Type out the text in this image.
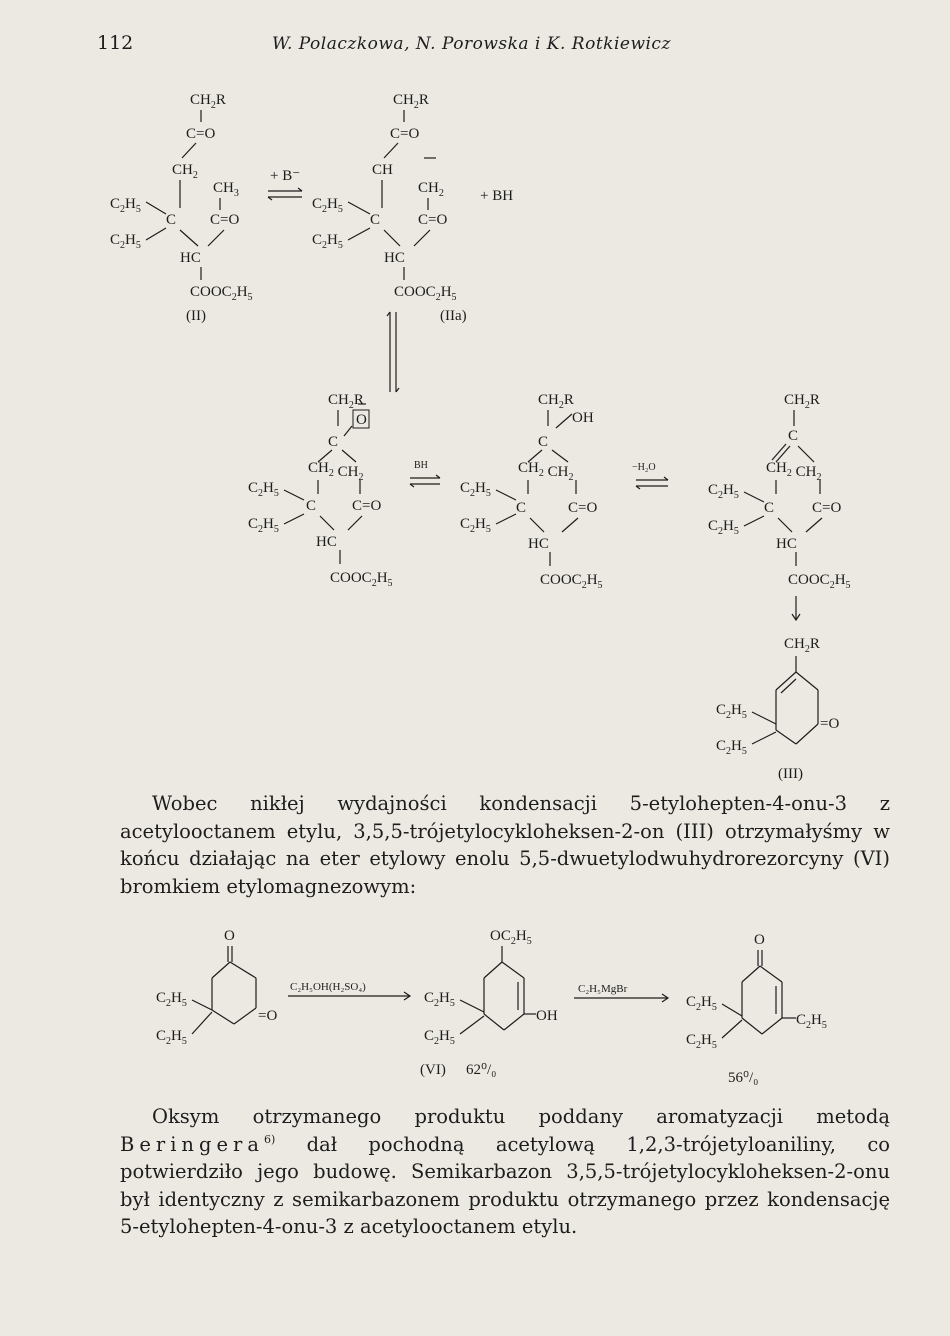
112	W. Polaczkowa, N. Porowska i K. Rotkiewicz
$CH_2R$
C=O
$CH_2$
$CH_3$
$C_2H_5$
C C=O
$C_2H_5$
HC
$COOC_2H_5$
(II)
+ B⁻
$CH_2R$
C=O
CH
$CH_2$
$C_2H_5$
C	C=O
$C_2H_5$
HC
$COOC_2H_5$
(IIa)
+ BH
$CH_2R$
O
C
$CH_2$ $CH_2$
$C_2H_5$
C C=O
$C_2H_5$
HC
$COOC_2H_5$
BH
$CH_2R$
OH
C
$CH_2$ $CH_2$
$C_2H_5$
C	C=O
$C_2H_5$
HC
$COOC_2H_5$
−H₂O
$CH_2R$
C
$CH_2$ $CH_2$
$C_2H_5$
C	C=O
$C_2H_5$
HC
$COOC_2H_5$
$CH_2R$
=O
$C_2H_5$
$C_2H_5$
(III)

Wobec nikłej wydajności kondensacji 5-etylohepten-4-onu-3 z acetylooctanem etylu, 3,5,5-trójetylocykloheksen-2-on (III) otrzymałyśmy w końcu działając na eter etylowy enolu 5,5-dwuetylodwuhydrorezorcyny (VI) bromkiem etylomagnezowym:

O
=O
$C_2H_5$
$C_2H_5$
C₂H₅OH(H₂SO₄)
$OC_2H_5$
OH
$C_2H_5$
$C_2H_5$
(VI) 62⁰/₀
C₂H₅MgBr
O
$C_2H_5$
$C_2H_5$
$C_2H_5$
56⁰/₀

Oksym otrzymanego produktu poddany aromatyzacji metodą Beringera$^{6)}$ dał pochodną acetylową 1,2,3-trójetyloaniliny, co potwierdziło jego budowę. Semikarbazon 3,5,5-trójetylocykloheksen-2-onu był identyczny z semikarbazonem produktu otrzymanego przez kondensację 5-etylohepten-4-onu-3 z acetylooctanem etylu.
